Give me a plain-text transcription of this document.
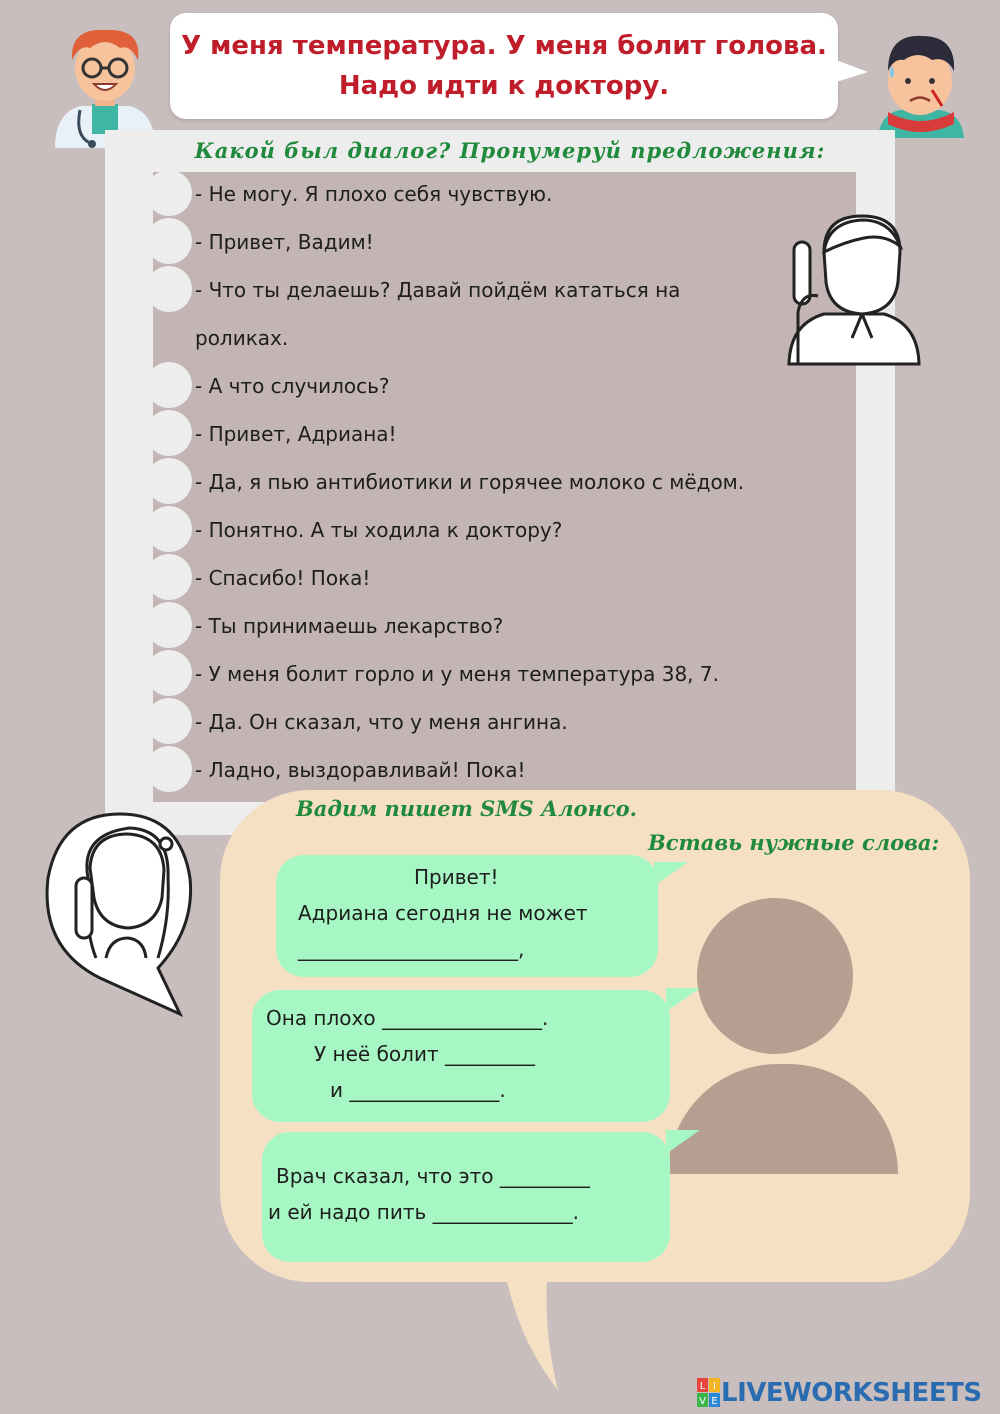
У меня температура. У меня болит голова.
Надо идти к доктору.
Какой был диалог? Пронумеруй предложения:
- Не могу. Я плохо себя чувствую.
- Привет, Вадим!
- Что ты делаешь? Давай пойдём кататься на
роликах.
- А что случилось?
- Привет, Адриана!
- Да, я пью антибиотики и горячее молоко с мёдом.
- Понятно. А ты ходила к доктору?
- Спасибо! Пока!
- Ты принимаешь лекарство?
- У меня болит горло и у меня температура 38, 7.
- Да. Он сказал, что у меня ангина.
- Ладно, выздоравливай! Пока!
Вадим пишет SMS Алонсо.
Вставь нужные слова:
Привет!
Адриана сегодня не может
______________________,
Она плохо ________________.
У неё болит _________
и _______________.
Врач сказал, что это _________
и ей надо пить ______________.
L I
V E LIVEWORKSHEETS
